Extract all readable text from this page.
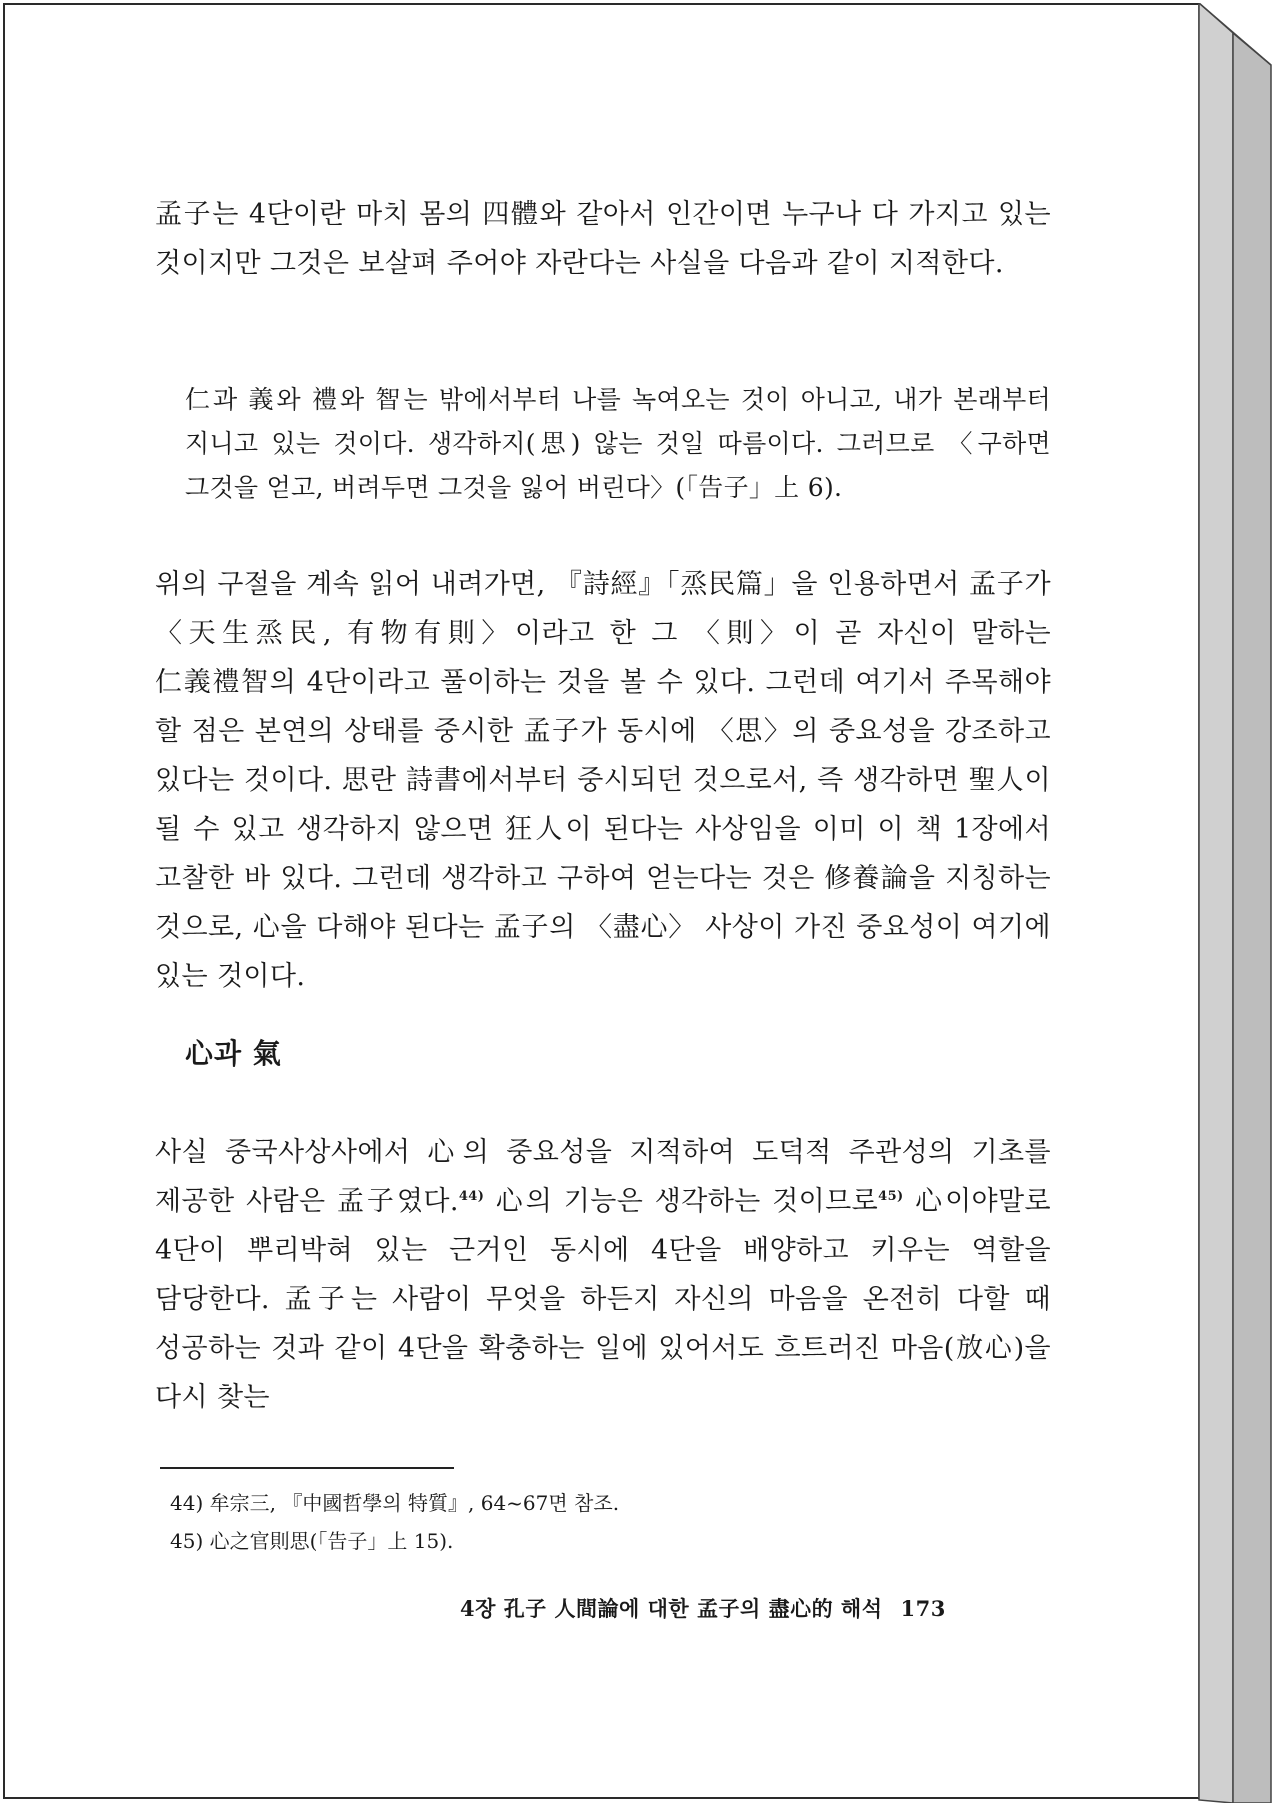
孟子는 4단이란 마치 몸의 四體와 같아서 인간이면 누구나 다 가지고 있는 것이지만 그것은 보살펴 주어야 자란다는 사실을 다음과 같이 지적한다.

仁과 義와 禮와 智는 밖에서부터 나를 녹여오는 것이 아니고, 내가 본래부터 지니고 있는 것이다. 생각하지(思) 않는 것일 따름이다. 그러므로 〈구하면 그것을 얻고, 버려두면 그것을 잃어 버린다〉(「告子」上 6).

위의 구절을 계속 읽어 내려가면, 『詩經』「烝民篇」을 인용하면서 孟子가 〈天生烝民, 有物有則〉이라고 한 그 〈則〉이 곧 자신이 말하는 仁義禮智의 4단이라고 풀이하는 것을 볼 수 있다. 그런데 여기서 주목해야 할 점은 본연의 상태를 중시한 孟子가 동시에 〈思〉의 중요성을 강조하고 있다는 것이다. 思란 詩書에서부터 중시되던 것으로서, 즉 생각하면 聖人이 될 수 있고 생각하지 않으면 狂人이 된다는 사상임을 이미 이 책 1장에서 고찰한 바 있다. 그런데 생각하고 구하여 얻는다는 것은 修養論을 지칭하는 것으로, 心을 다해야 된다는 孟子의 〈盡心〉 사상이 가진 중요성이 여기에 있는 것이다.

心과 氣

사실 중국사상사에서 心의 중요성을 지적하여 도덕적 주관성의 기초를 제공한 사람은 孟子였다.$^{44)}$ 心의 기능은 생각하는 것이므로$^{45)}$ 心이야말로 4단이 뿌리박혀 있는 근거인 동시에 4단을 배양하고 키우는 역할을 담당한다. 孟子는 사람이 무엇을 하든지 자신의 마음을 온전히 다할 때 성공하는 것과 같이 4단을 확충하는 일에 있어서도 흐트러진 마음(放心)을 다시 찾는

44) 牟宗三, 『中國哲學의 特質』, 64~67면 참조.
45) 心之官則思(「告子」上 15).
4장 孔子 人間論에 대한 孟子의 盡心的 해석 173
